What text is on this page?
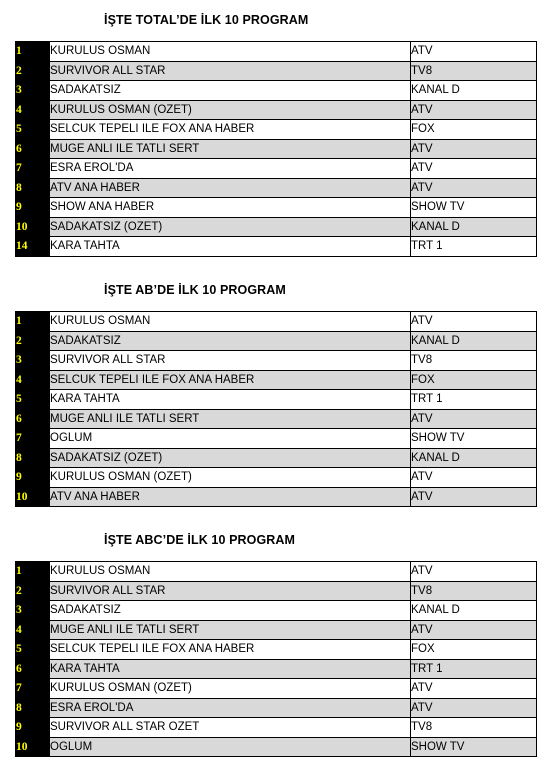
İŞTE TOTAL’DE İLK 10 PROGRAM
1	KURULUS OSMAN	ATV
2	SURVIVOR ALL STAR	TV8
3	SADAKATSIZ	KANAL D
4	KURULUS OSMAN (OZET)	ATV
5	SELCUK TEPELI ILE FOX ANA HABER	FOX
6	MUGE ANLI ILE TATLI SERT	ATV
7	ESRA EROL'DA	ATV
8	ATV ANA HABER	ATV
9	SHOW ANA HABER	SHOW TV
10	SADAKATSIZ (OZET)	KANAL D
14	KARA TAHTA	TRT 1
İŞTE AB’DE İLK 10 PROGRAM
1	KURULUS OSMAN	ATV
2	SADAKATSIZ	KANAL D
3	SURVIVOR ALL STAR	TV8
4	SELCUK TEPELI ILE FOX ANA HABER	FOX
5	KARA TAHTA	TRT 1
6	MUGE ANLI ILE TATLI SERT	ATV
7	OGLUM	SHOW TV
8	SADAKATSIZ (OZET)	KANAL D
9	KURULUS OSMAN (OZET)	ATV
10	ATV ANA HABER	ATV
İŞTE ABC’DE İLK 10 PROGRAM
1	KURULUS OSMAN	ATV
2	SURVIVOR ALL STAR	TV8
3	SADAKATSIZ	KANAL D
4	MUGE ANLI ILE TATLI SERT	ATV
5	SELCUK TEPELI ILE FOX ANA HABER	FOX
6	KARA TAHTA	TRT 1
7	KURULUS OSMAN (OZET)	ATV
8	ESRA EROL'DA	ATV
9	SURVIVOR ALL STAR OZET	TV8
10	OGLUM	SHOW TV
